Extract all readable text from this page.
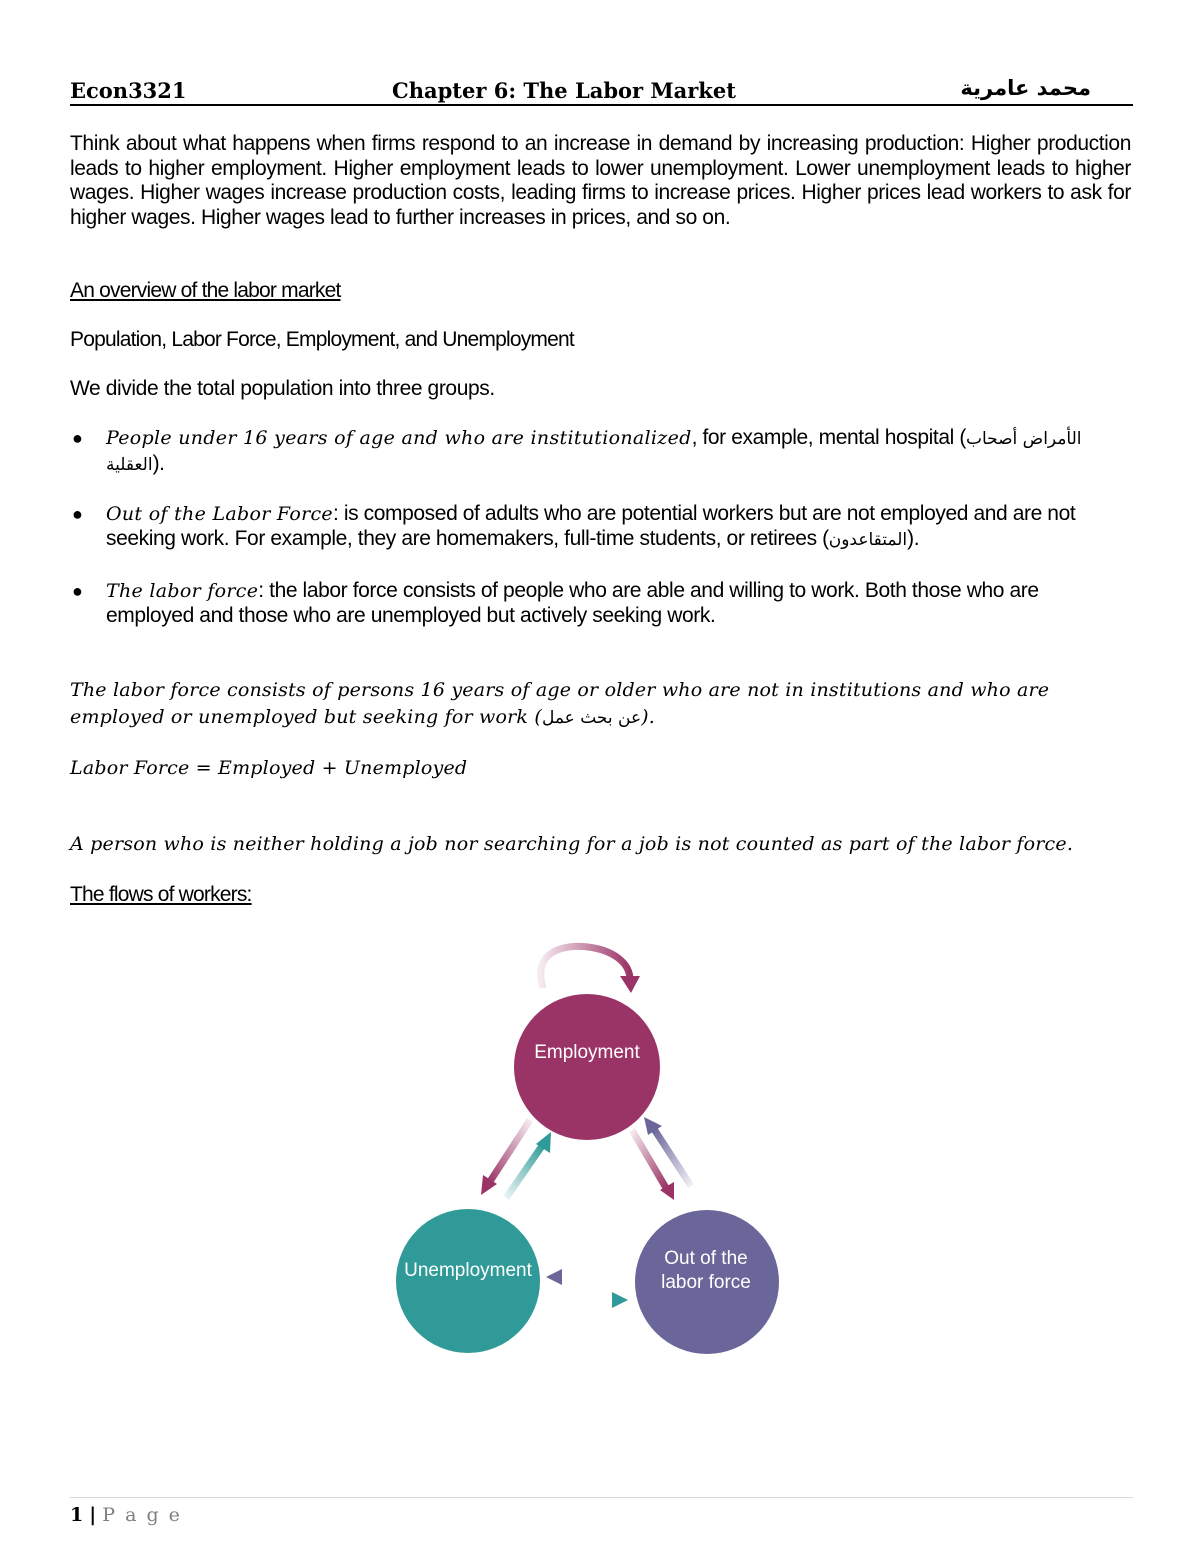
Econ3321	Chapter 6: The Labor Market	محمد عامرية

Think about what happens when firms respond to an increase in demand by increasing production: Higher production leads to higher employment. Higher employment leads to lower unemployment. Lower unemployment leads to higher wages. Higher wages increase production costs, leading firms to increase prices. Higher prices lead workers to ask for higher wages. Higher wages lead to further increases in prices, and so on.

An overview of the labor market
Population, Labor Force, Employment, and Unemployment

We divide the total population into three groups.

● People under 16 years of age and who are institutionalized, for example, mental hospital (الأمراض أصحاب العقلية).

● Out of the Labor Force: is composed of adults who are potential workers but are not employed and are not seeking work. For example, they are homemakers, full-time students, or retirees (المتقاعدون).

● The labor force: the labor force consists of people who are able and willing to work. Both those who are employed and those who are unemployed but actively seeking work.

The labor force consists of persons 16 years of age or older who are not in institutions and who are employed or unemployed but seeking for work (عن بحث عمل).

Labor Force = Employed + Unemployed

A person who is neither holding a job nor searching for a job is not counted as part of the labor force.

The flows of workers:
Employment
Unemployment
Out of the
labor force
1 | P a g e
